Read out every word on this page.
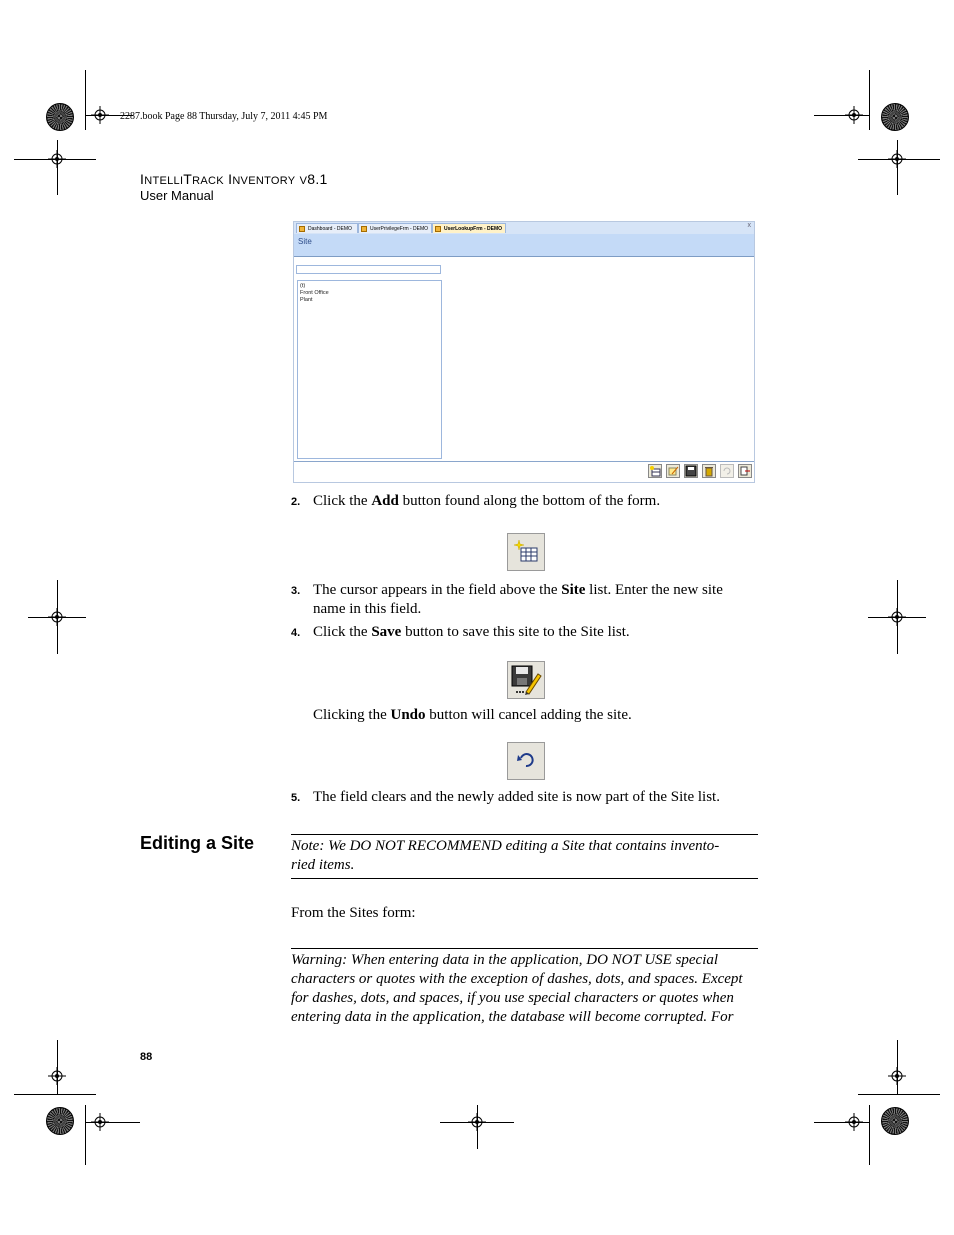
2287.book Page 88 Thursday, July 7, 2011 4:45 PM
INTELLITRACK INVENTORY V8.1
User Manual
Dashboard - DEMO	UserPrivilegeFrm - DEMO	UserLookupFrm - DEMO	x
Site
(t)
Front Office
Plant
2. Click the Add button found along the bottom of the form.
3. The cursor appears in the field above the Site list. Enter the new site
name in this field.
4. Click the Save button to save this site to the Site list.
Clicking the Undo button will cancel adding the site.
5. The field clears and the newly added site is now part of the Site list.
Editing a Site Note: We DO NOT RECOMMEND editing a Site that contains invento-
ried items.
From the Sites form:
Warning: When entering data in the application, DO NOT USE special
characters or quotes with the exception of dashes, dots, and spaces. Except
for dashes, dots, and spaces, if you use special characters or quotes when
entering data in the application, the database will become corrupted. For
88
